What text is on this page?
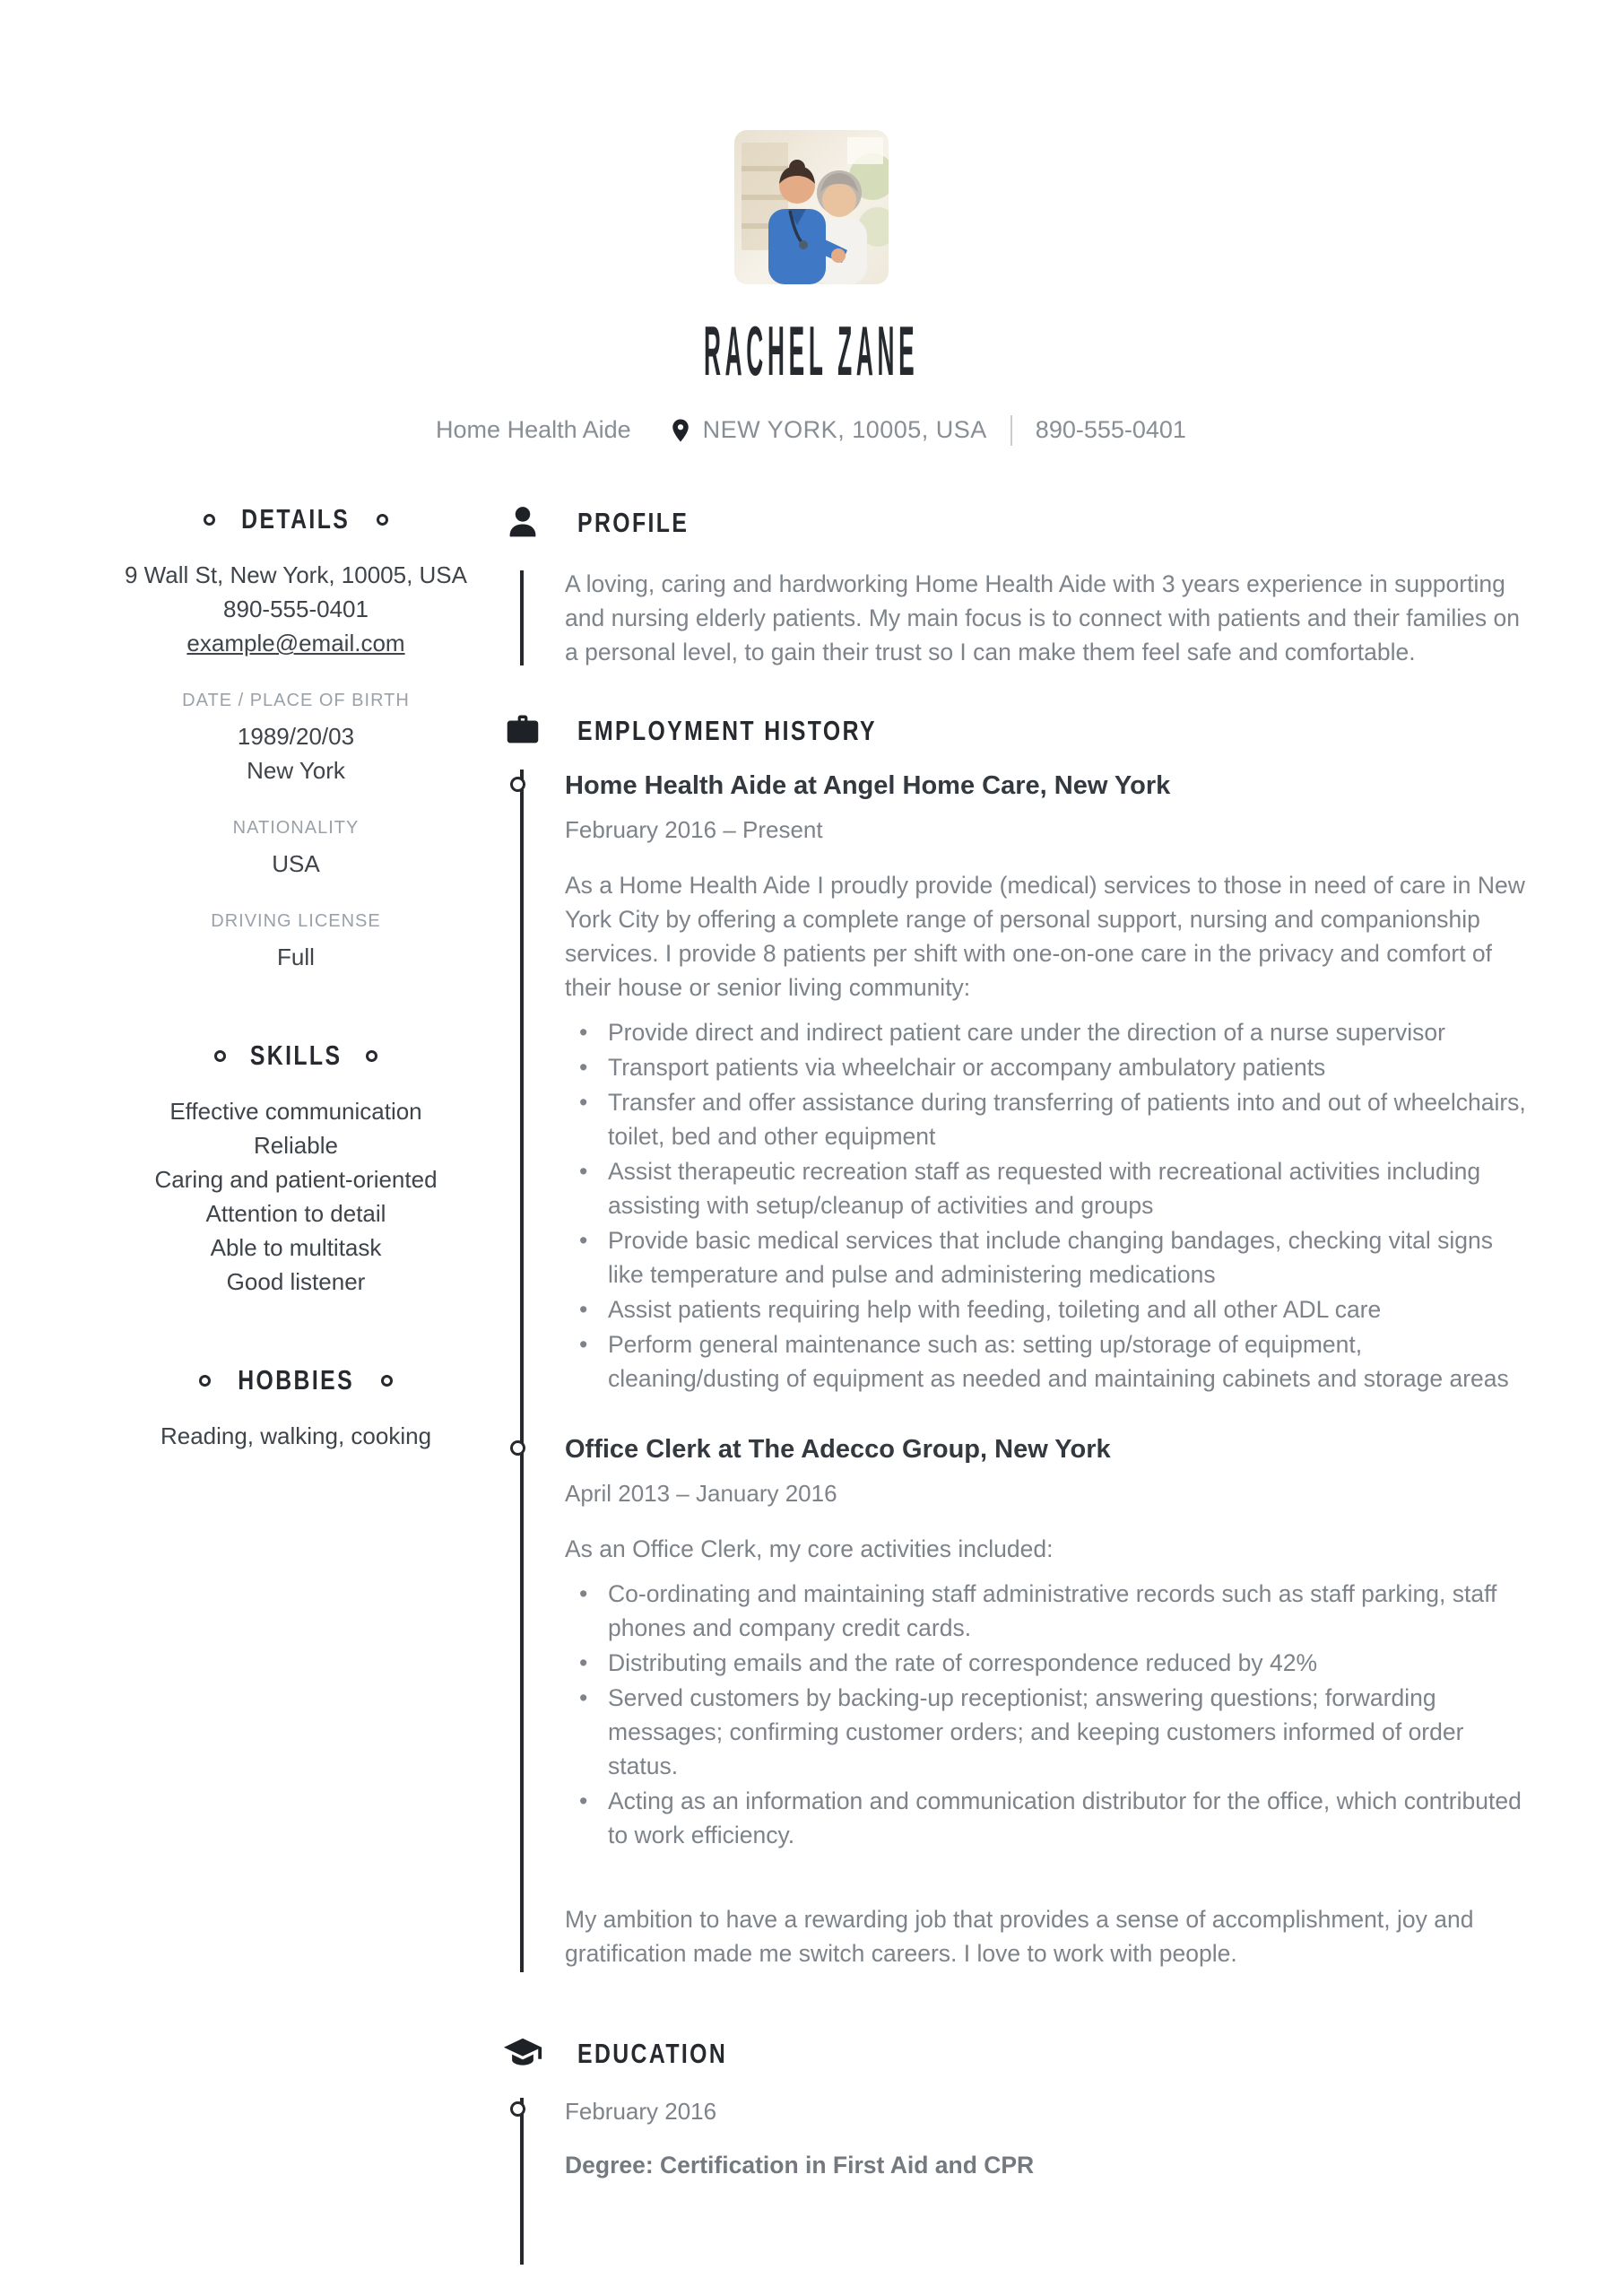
RACHEL ZANE
Home Health Aide	NEW YORK, 10005, USA 890-555-0401
DETAILS
9 Wall St, New York, 10005, USA
890-555-0401
example@email.com
DATE / PLACE OF BIRTH
1989/20/03
New York
NATIONALITY
USA
DRIVING LICENSE
Full
SKILLS
Effective communication
Reliable
Caring and patient-oriented
Attention to detail
Able to multitask
Good listener
HOBBIES
Reading, walking, cooking
PROFILE

A loving, caring and hardworking Home Health Aide with 3 years experience in supporting and nursing elderly patients. My main focus is to connect with patients and their families on a personal level, to gain their trust so I can make them feel safe and comfortable.

EMPLOYMENT HISTORY
Home Health Aide at Angel Home Care, New York
February 2016 – Present

As a Home Health Aide I proudly provide (medical) services to those in need of care in New York City by offering a complete range of personal support, nursing and companionship services. I provide 8 patients per shift with one-on-one care in the privacy and comfort of their house or senior living community:

• Provide direct and indirect patient care under the direction of a nurse supervisor
• Transport patients via wheelchair or accompany ambulatory patients
• Transfer and offer assistance during transferring of patients into and out of wheelchairs, toilet, bed and other equipment
• Assist therapeutic recreation staff as requested with recreational activities including assisting with setup/cleanup of activities and groups
• Provide basic medical services that include changing bandages, checking vital signs like temperature and pulse and administering medications
• Assist patients requiring help with feeding, toileting and all other ADL care
• Perform general maintenance such as: setting up/storage of equipment, cleaning/dusting of equipment as needed and maintaining cabinets and storage areas
Office Clerk at The Adecco Group, New York
April 2013 – January 2016

As an Office Clerk, my core activities included:

• Co-ordinating and maintaining staff administrative records such as staff parking, staff phones and company credit cards.
• Distributing emails and the rate of correspondence reduced by 42%
• Served customers by backing-up receptionist; answering questions; forwarding messages; confirming customer orders; and keeping customers informed of order status.
• Acting as an information and communication distributor for the office, which contributed to work efficiency.

My ambition to have a rewarding job that provides a sense of accomplishment, joy and gratification made me switch careers. I love to work with people.

EDUCATION
February 2016
Degree: Certification in First Aid and CPR
